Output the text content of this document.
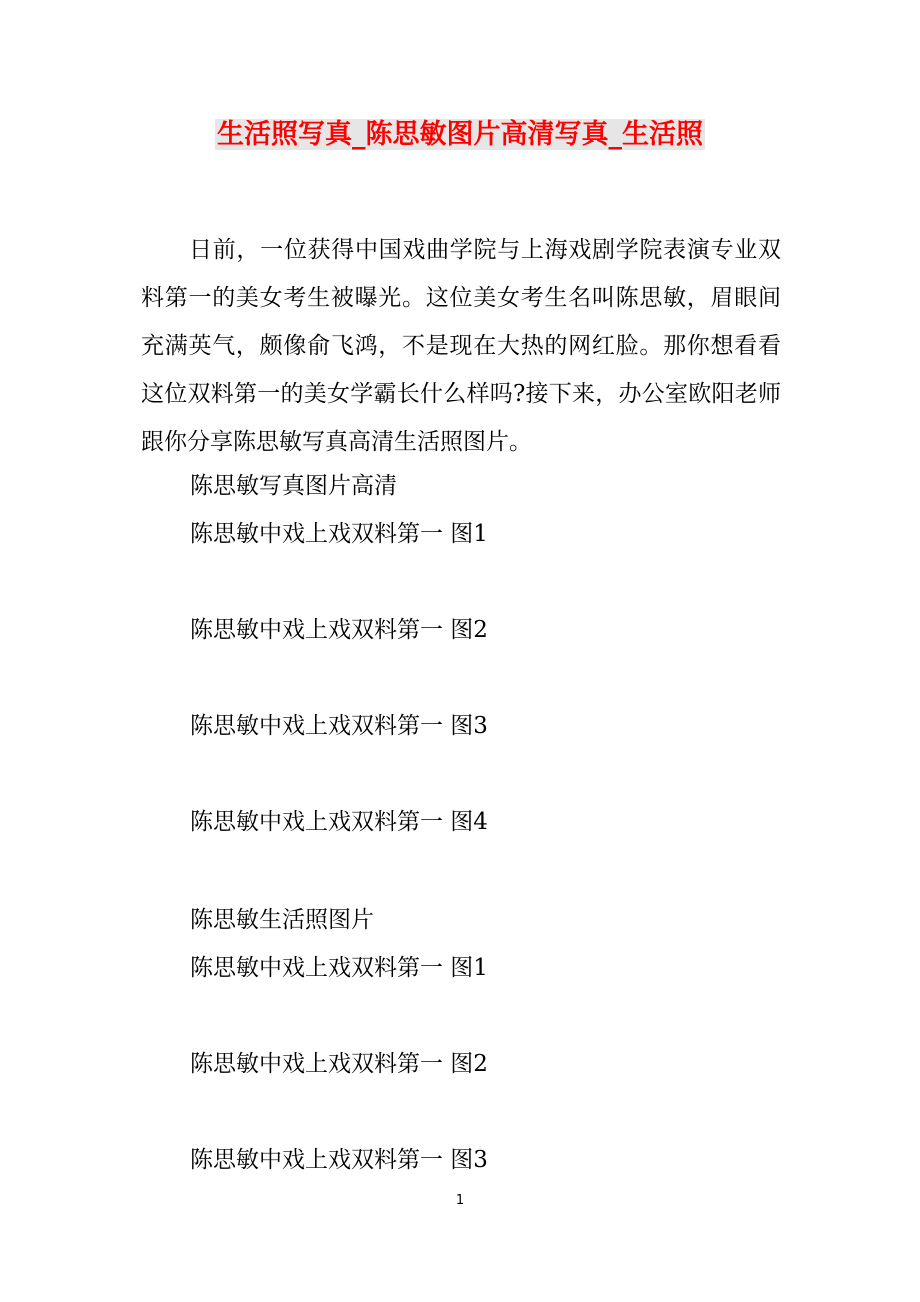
生活照写真_陈思敏图片高清写真_生活照
日前，一位获得中国戏曲学院与上海戏剧学院表演专业双料第一的美女考生被曝光。这位美女考生名叫陈思敏，眉眼间充满英气，颇像俞飞鸿，不是现在大热的网红脸。那你想看看这位双料第一的美女学霸长什么样吗?接下来，办公室欧阳老师跟你分享陈思敏写真高清生活照图片。
陈思敏写真图片高清
陈思敏中戏上戏双料第一 图1
陈思敏中戏上戏双料第一 图2
陈思敏中戏上戏双料第一 图3
陈思敏中戏上戏双料第一 图4
陈思敏生活照图片
陈思敏中戏上戏双料第一 图1
陈思敏中戏上戏双料第一 图2
陈思敏中戏上戏双料第一 图3
1
